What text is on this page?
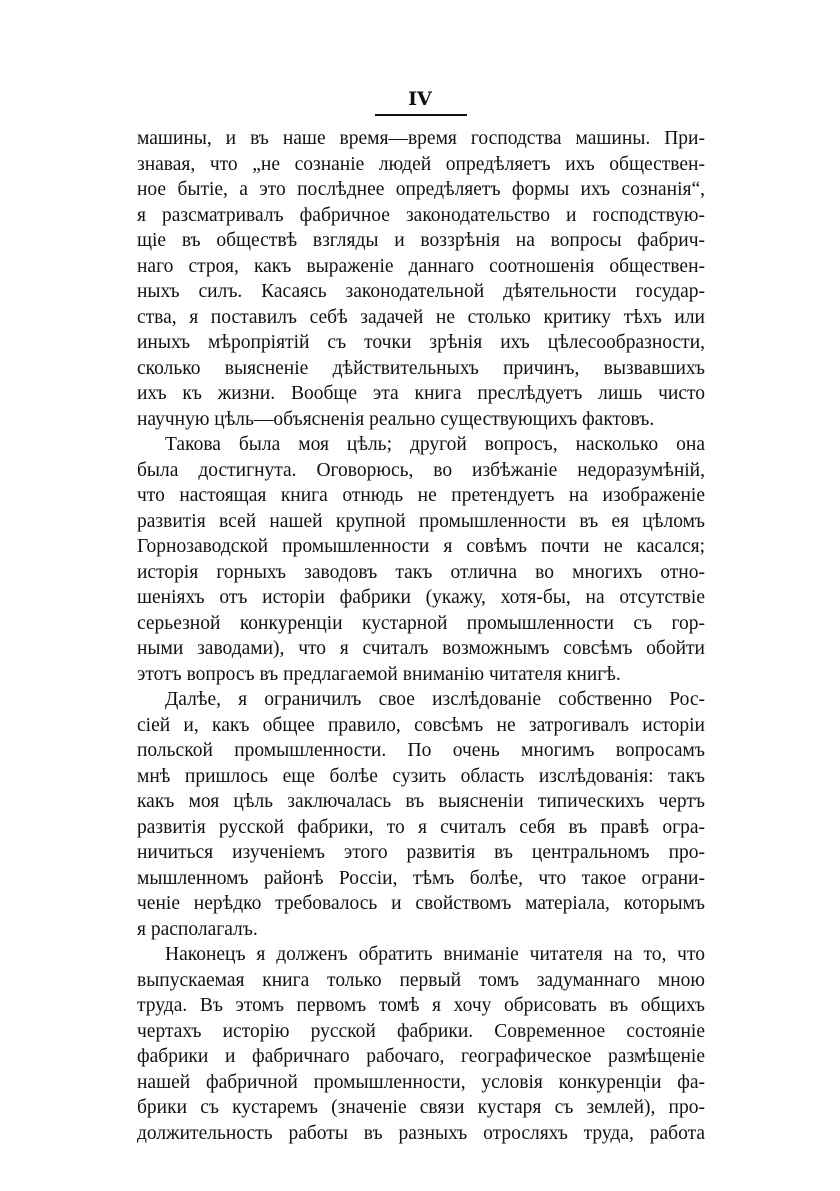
IV
машины, и въ наше время—время господства машины. При-
знавая, что „не сознаніе людей опредѣляетъ ихъ обществен-
ное бытіе, а это послѣднее опредѣляетъ формы ихъ сознанія“,
я разсматривалъ фабричное законодательство и господствую-
щіе въ обществѣ взгляды и воззрѣнія на вопросы фабрич-
наго строя, какъ выраженіе даннаго соотношенія обществен-
ныхъ силъ. Касаясь законодательной дѣятельности государ-
ства, я поставилъ себѣ задачей не столько критику тѣхъ или
иныхъ мѣропріятій съ точки зрѣнія ихъ цѣлесообразности,
сколько выясненіе дѣйствительныхъ причинъ, вызвавшихъ
ихъ къ жизни. Вообще эта книга преслѣдуетъ лишь чисто
научную цѣль—объясненія реально существующихъ фактовъ.
Такова была моя цѣль; другой вопросъ, насколько она
была достигнута. Оговорюсь, во избѣжаніе недоразумѣній,
что настоящая книга отнюдь не претендуетъ на изображеніе
развитія всей нашей крупной промышленности въ ея цѣломъ
Горнозаводской промышленности я совѣмъ почти не касался;
исторія горныхъ заводовъ такъ отлична во многихъ отно-
шеніяхъ отъ исторіи фабрики (укажу, хотя-бы, на отсутствіе
серьезной конкуренціи кустарной промышленности съ гор-
ными заводами), что я считалъ возможнымъ совсѣмъ обойти
этотъ вопросъ въ предлагаемой вниманію читателя книгѣ.
Далѣе, я ограничилъ свое изслѣдованіе собственно Рос-
сіей и, какъ общее правило, совсѣмъ не затрогивалъ исторіи
польской промышленности. По очень многимъ вопросамъ
мнѣ пришлось еще болѣе сузить область изслѣдованія: такъ
какъ моя цѣль заключалась въ выясненіи типическихъ чертъ
развитія русской фабрики, то я считалъ себя въ правѣ огра-
ничиться изученіемъ этого развитія въ центральномъ про-
мышленномъ районѣ Россіи, тѣмъ болѣе, что такое ограни-
ченіе нерѣдко требовалось и свойствомъ матеріала, которымъ
я располагалъ.
Наконецъ я долженъ обратить вниманіе читателя на то, что
выпускаемая книга только первый томъ задуманнаго мною
труда. Въ этомъ первомъ томѣ я хочу обрисовать въ общихъ
чертахъ исторію русской фабрики. Современное состояніе
фабрики и фабричнаго рабочаго, географическое размѣщеніе
нашей фабричной промышленности, условія конкуренціи фа-
брики съ кустаремъ (значеніе связи кустаря съ землей), про-
должительность работы въ разныхъ отросляхъ труда, работа
